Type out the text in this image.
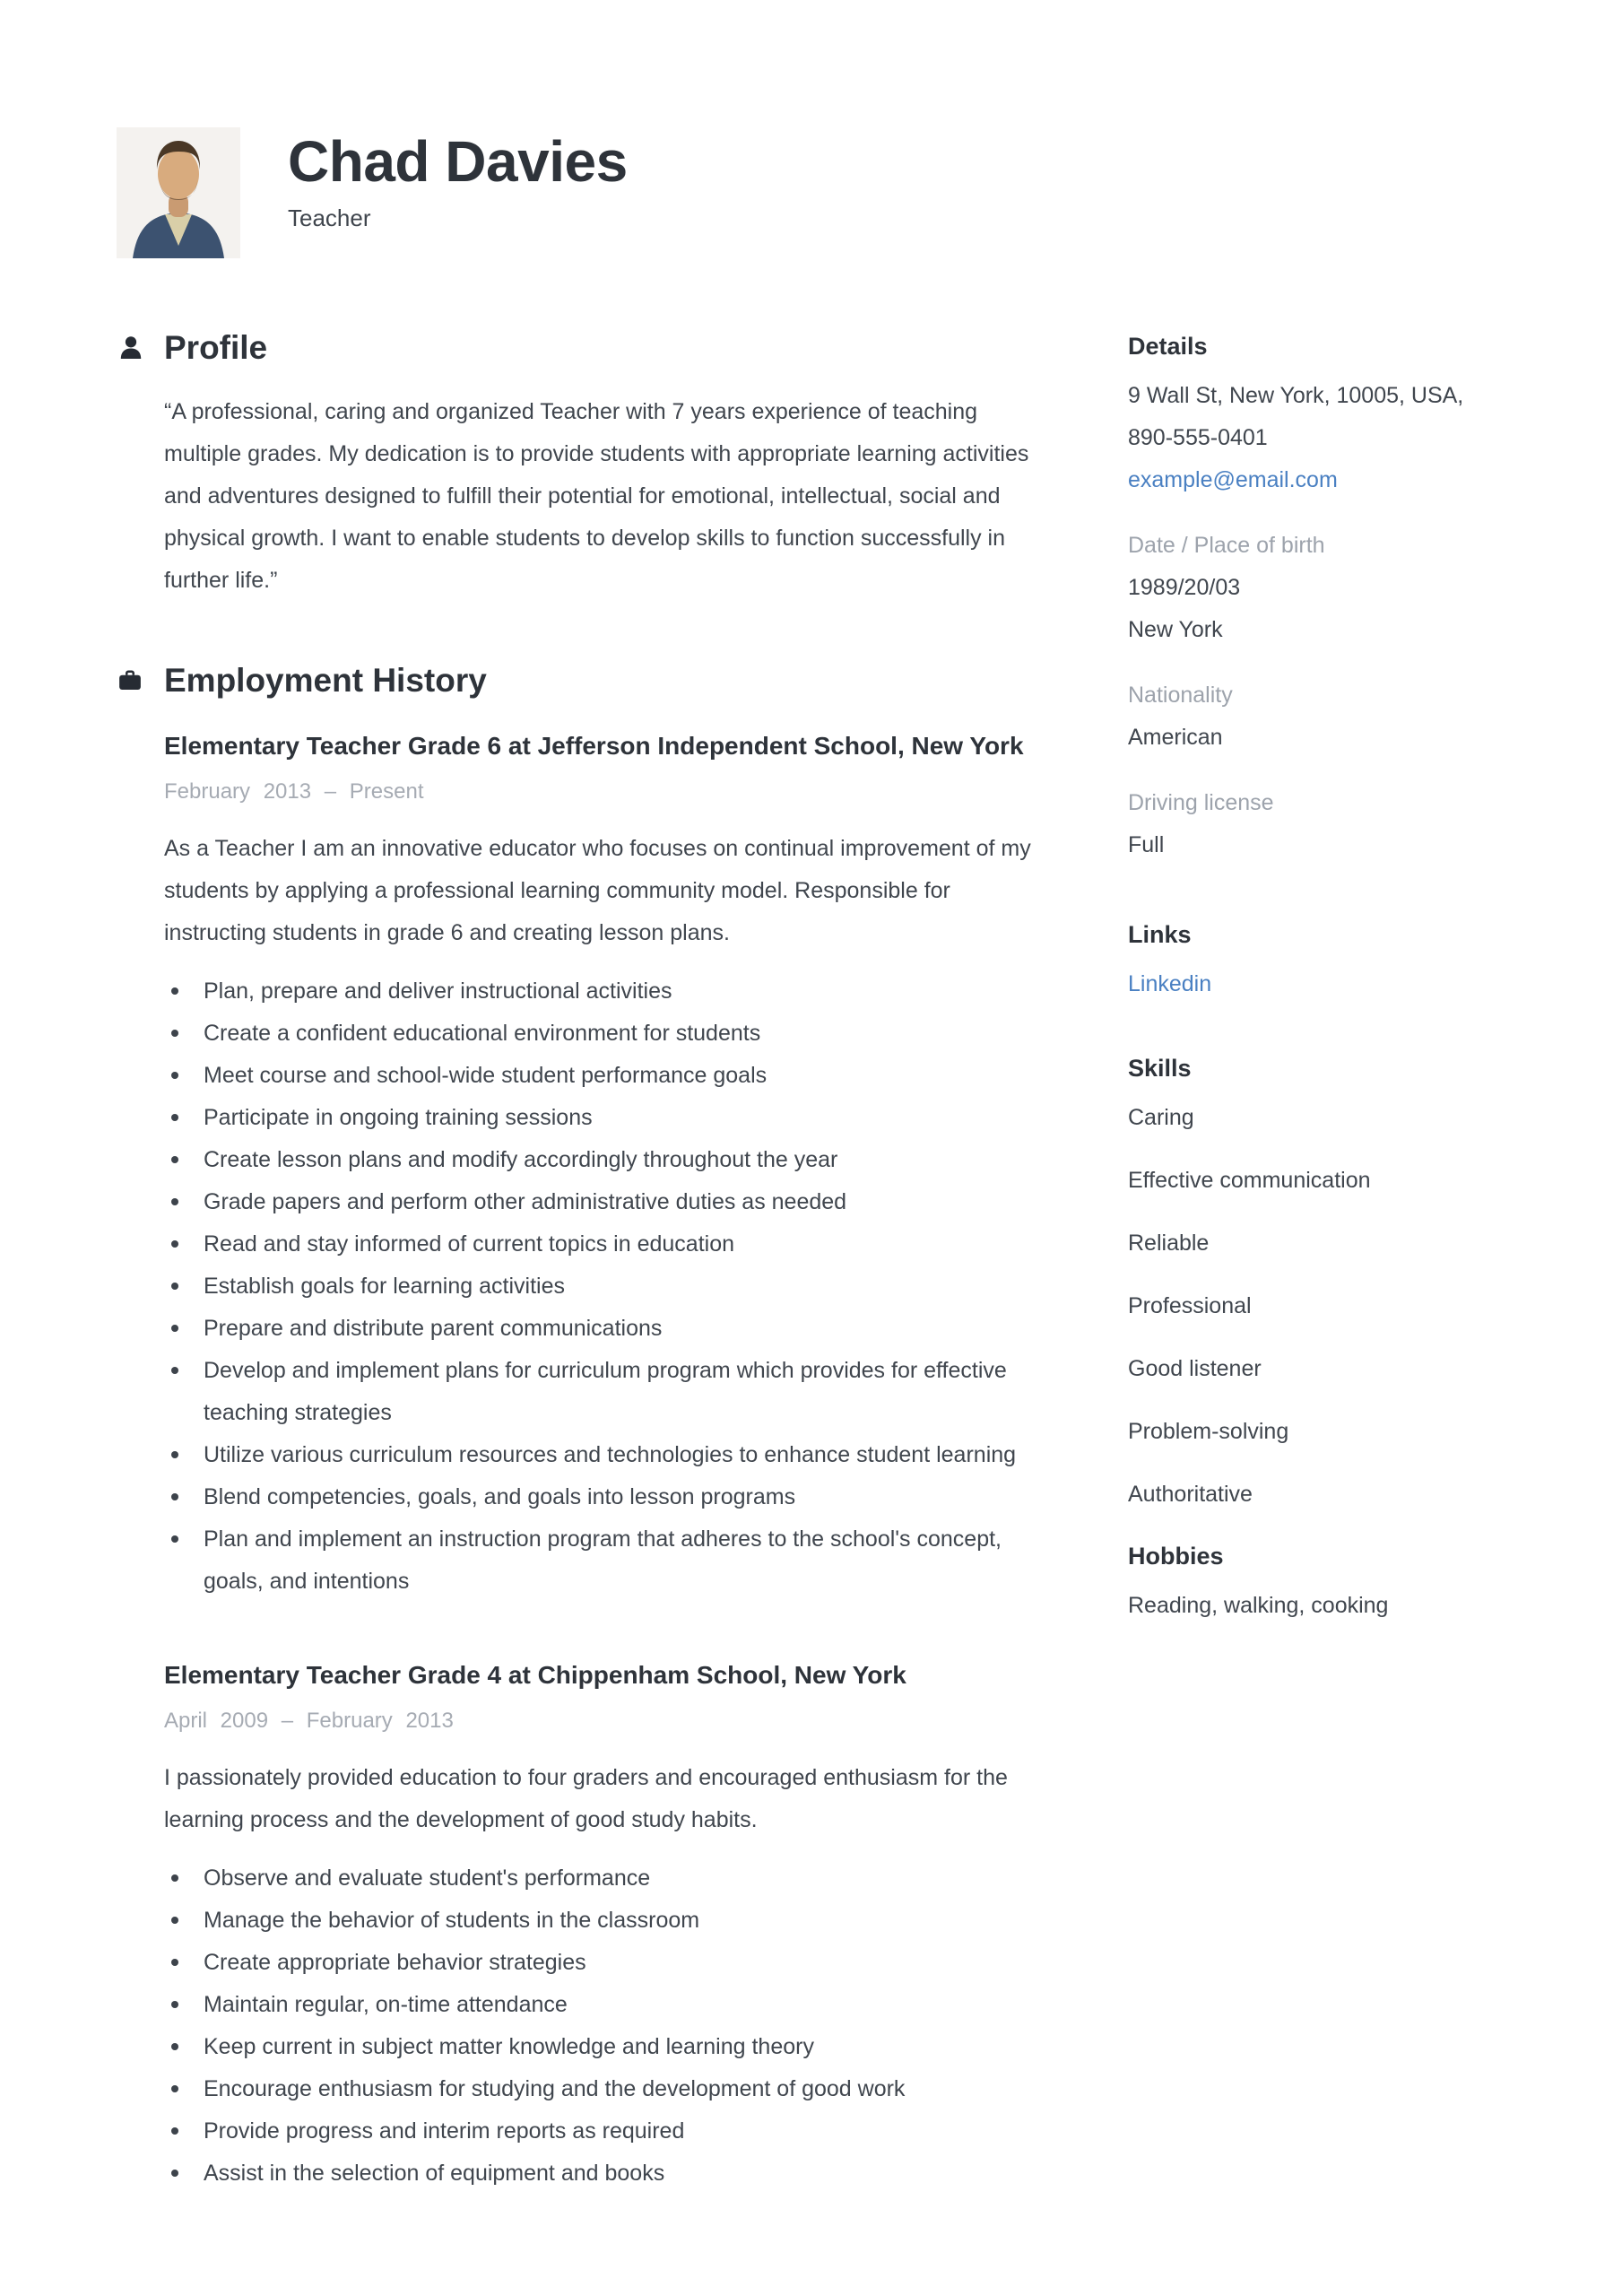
Chad Davies
Teacher
Profile

“A professional, caring and organized Teacher with 7 years experience of teaching multiple grades. My dedication is to provide students with appropriate learning activities and adventures designed to fulfill their potential for emotional, intellectual, social and physical growth. I want to enable students to develop skills to function successfully in further life.”

Employment History
Elementary Teacher Grade 6 at Jefferson Independent School, New York
February 2013 – Present

As a Teacher I am an innovative educator who focuses on continual improvement of my students by applying a professional learning community model. Responsible for instructing students in grade 6 and creating lesson plans.

Plan, prepare and deliver instructional activities
Create a confident educational environment for students
Meet course and school-wide student performance goals
Participate in ongoing training sessions
Create lesson plans and modify accordingly throughout the year
Grade papers and perform other administrative duties as needed
Read and stay informed of current topics in education
Establish goals for learning activities
Prepare and distribute parent communications
Develop and implement plans for curriculum program which provides for effective teaching strategies
Utilize various curriculum resources and technologies to enhance student learning
Blend competencies, goals, and goals into lesson programs
Plan and implement an instruction program that adheres to the school's concept, goals, and intentions
Elementary Teacher Grade 4 at Chippenham School, New York
April 2009 – February 2013

I passionately provided education to four graders and encouraged enthusiasm for the learning process and the development of good study habits.

Observe and evaluate student's performance
Manage the behavior of students in the classroom
Create appropriate behavior strategies
Maintain regular, on-time attendance
Keep current in subject matter knowledge and learning theory
Encourage enthusiasm for studying and the development of good work
Provide progress and interim reports as required
Assist in the selection of equipment and books
Details
9 Wall St, New York, 10005, USA,
890-555-0401
example@email.com
Date / Place of birth
1989/20/03
New York
Nationality
American
Driving license
Full
Links
Linkedin
Skills
Caring
Effective communication
Reliable
Professional
Good listener
Problem-solving
Authoritative
Hobbies
Reading, walking, cooking
